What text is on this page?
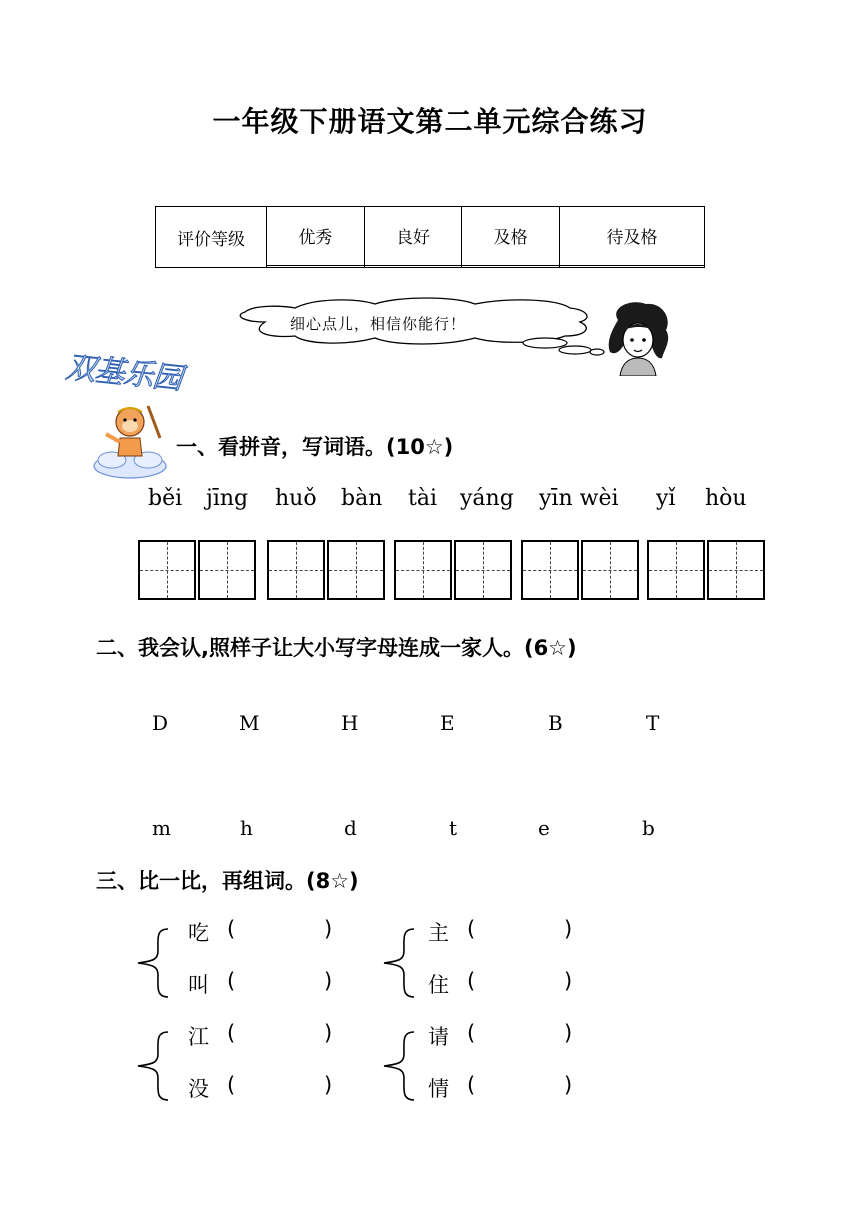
一年级下册语文第二单元综合练习
评价等级	优秀	良好	及格	待及格

细心点儿，相信你能行！
双基乐园
一、看拼音，写词语。(10☆)
běi jīng huǒ bàn tài yáng yīn wèi yǐ hòu
二、我会认,照样子让大小写字母连成一家人。(6☆)
D	M	H	E	B	T
m	h	d	t	e	b
三、比一比，再组词。(8☆)
吃 (	)
叫 (	)
主 (	)
住 (	)
江 (	)
没 (	)
请 (	)
情 (	)
